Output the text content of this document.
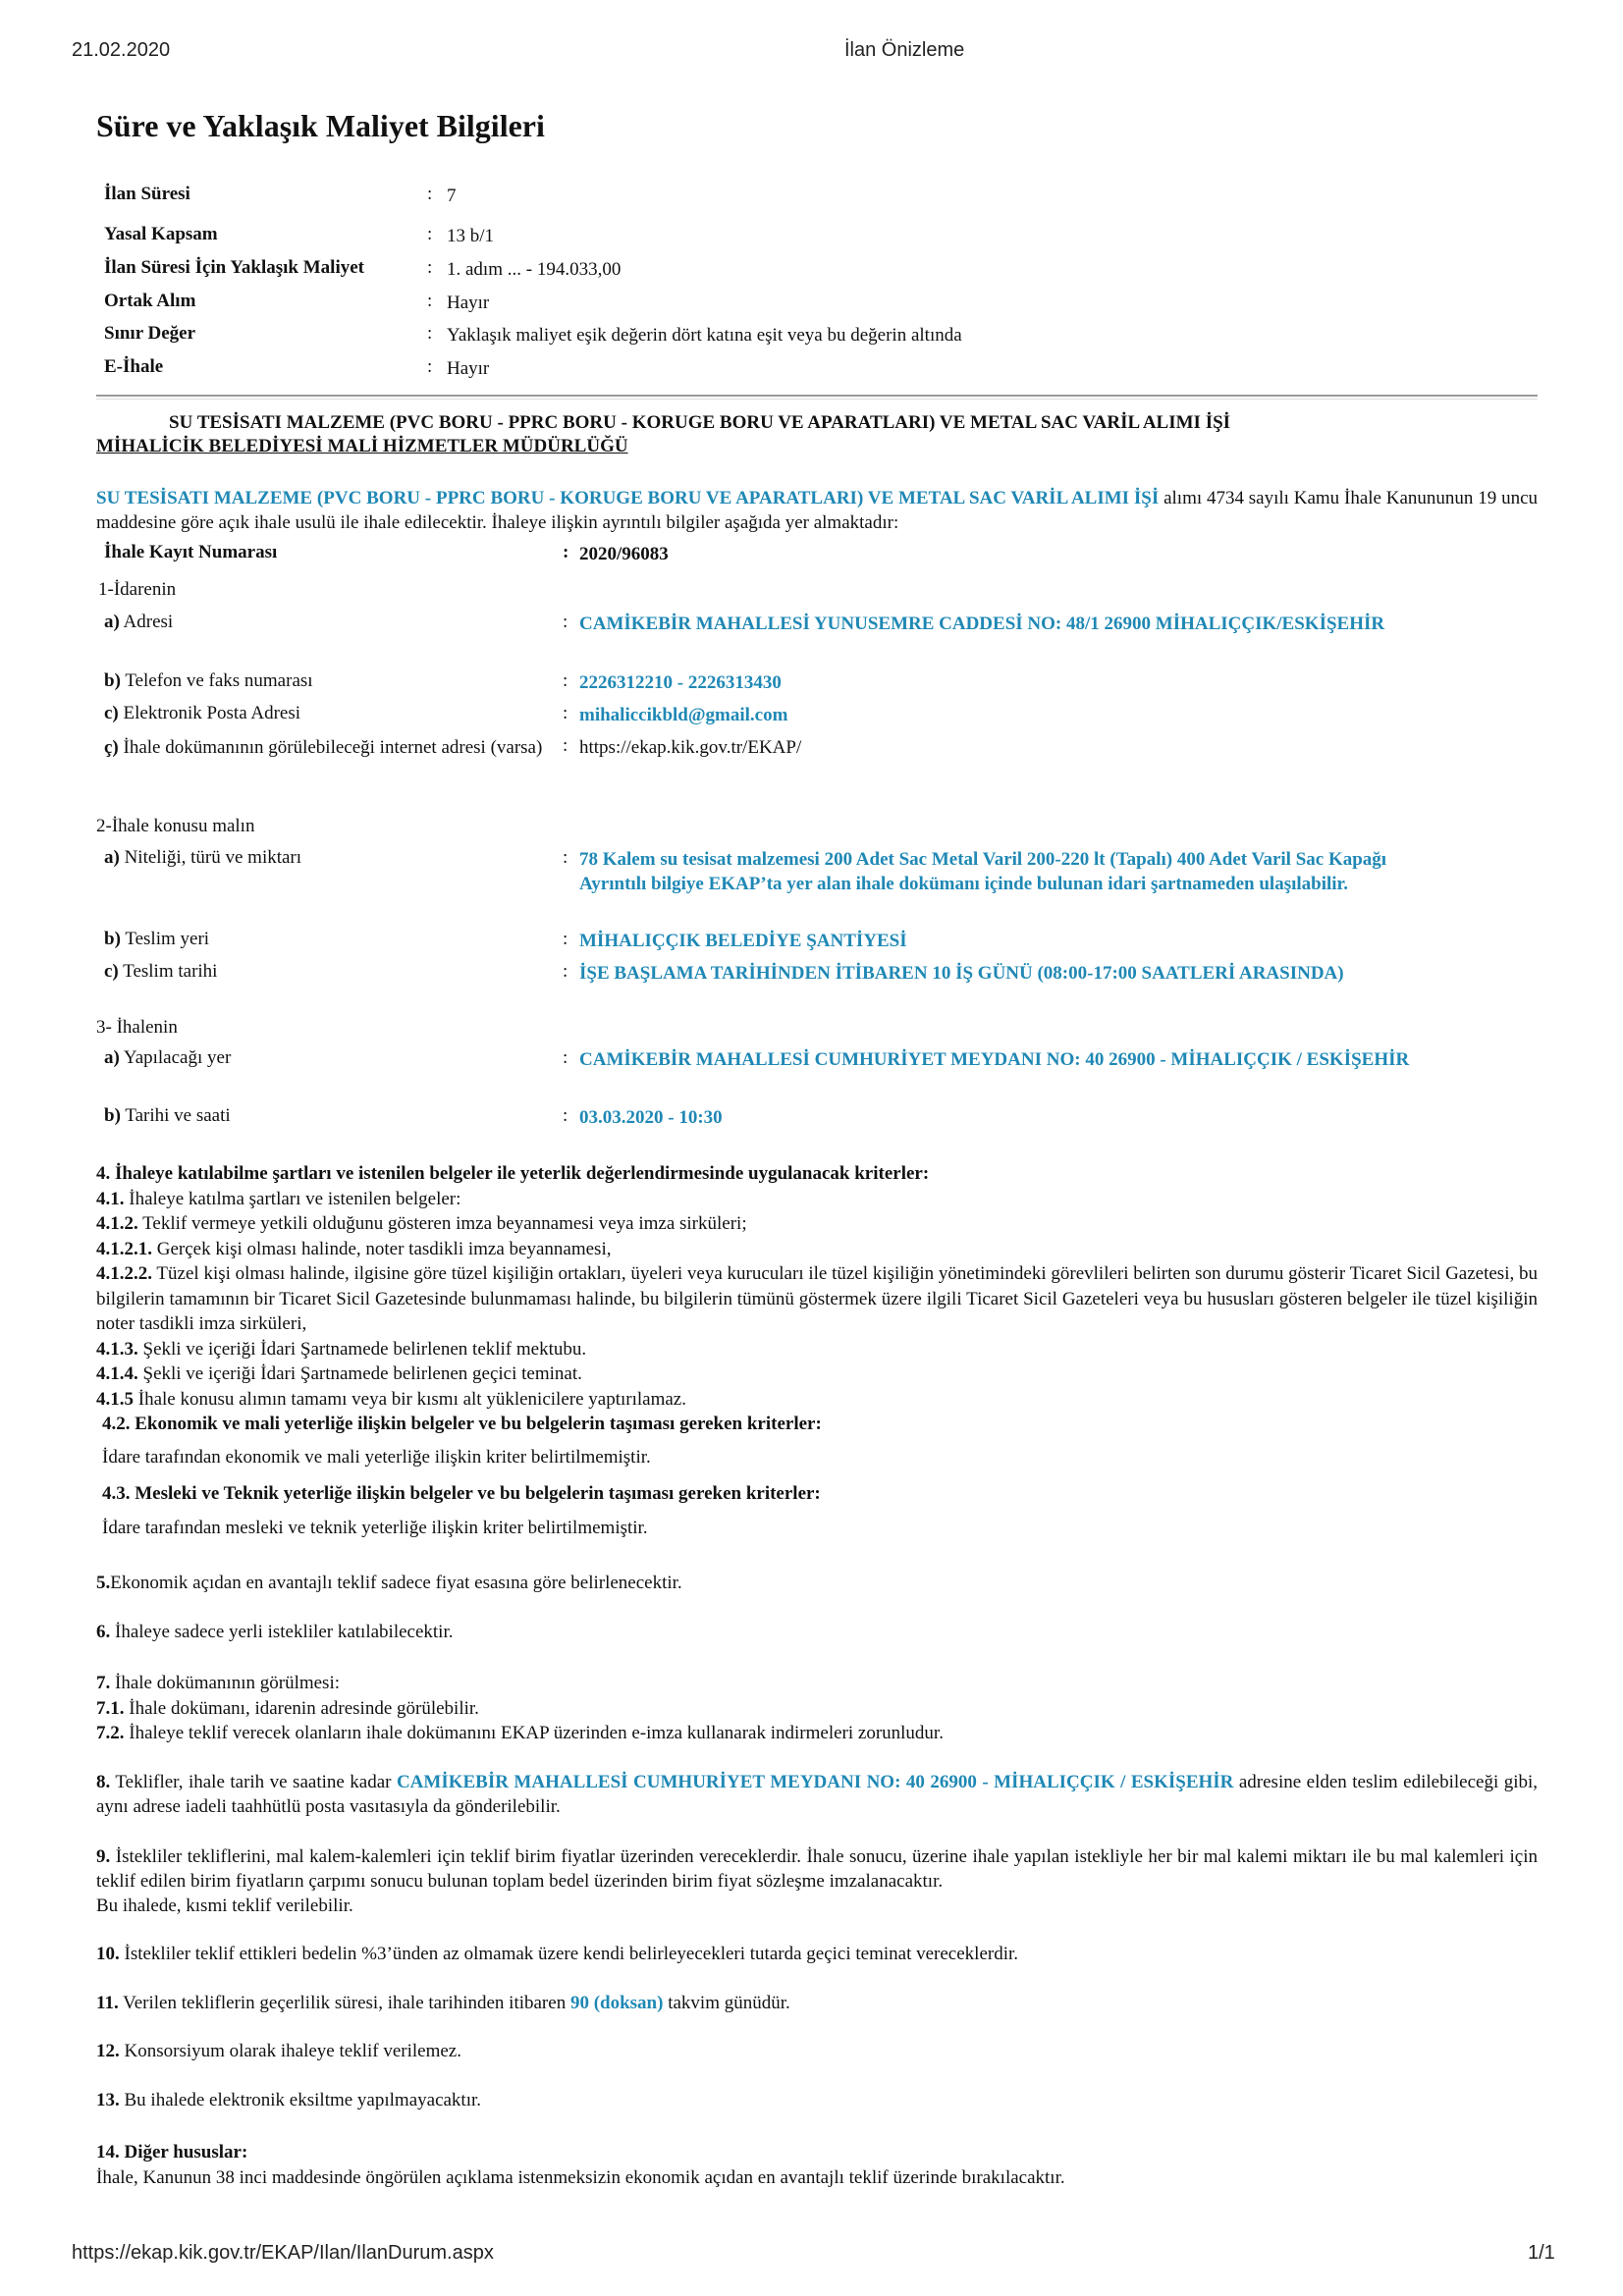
21.02.2020	İlan Önizleme
Süre ve Yaklaşık Maliyet Bilgileri
İlan Süresi	: 7
Yasal Kapsam	: 13 b/1
İlan Süresi İçin Yaklaşık Maliyet	: 1. adım ... - 194.033,00
Ortak Alım	: Hayır
Sınır Değer	: Yaklaşık maliyet eşik değerin dört katına eşit veya bu değerin altında
E-İhale	: Hayır
SU TESİSATI MALZEME (PVC BORU - PPRC BORU - KORUGE BORU VE APARATLARI) VE METAL SAC VARİL ALIMI İŞİ
MİHALİCİK BELEDİYESİ MALİ HİZMETLER MÜDÜRLÜĞÜ
SU TESİSATI MALZEME (PVC BORU - PPRC BORU - KORUGE BORU VE APARATLARI) VE METAL SAC VARİL ALIMI İŞİ alımı 4734 sayılı Kamu İhale Kanununun 19 uncu maddesine göre açık ihale usulü ile ihale edilecektir. İhaleye ilişkin ayrıntılı bilgiler aşağıda yer almaktadır:
İhale Kayıt Numarası	: 2020/96083
1-İdarenin
a) Adresi	: CAMİKEBİR MAHALLESİ YUNUSEMRE CADDESİ NO: 48/1 26900 MİHALIÇÇIK/ESKİŞEHİR
b) Telefon ve faks numarası	: 2226312210 - 2226313430
c) Elektronik Posta Adresi	: mihaliccikbld@gmail.com
ç) İhale dokümanının görülebileceği internet adresi (varsa)	: https://ekap.kik.gov.tr/EKAP/
2-İhale konusu malın
a) Niteliği, türü ve miktarı	: 78 Kalem su tesisat malzemesi 200 Adet Sac Metal Varil 200-220 lt (Tapalı) 400 Adet Varil Sac Kapağı
Ayrıntılı bilgiye EKAP’ta yer alan ihale dokümanı içinde bulunan idari şartnameden ulaşılabilir.
b) Teslim yeri	: MİHALIÇÇIK BELEDİYE ŞANTİYESİ
c) Teslim tarihi	: İŞE BAŞLAMA TARİHİNDEN İTİBAREN 10 İŞ GÜNÜ (08:00-17:00 SAATLERİ ARASINDA)
3- İhalenin
a) Yapılacağı yer	: CAMİKEBİR MAHALLESİ CUMHURİYET MEYDANI NO: 40 26900 - MİHALIÇÇIK / ESKİŞEHİR
b) Tarihi ve saati	: 03.03.2020 - 10:30
4. İhaleye katılabilme şartları ve istenilen belgeler ile yeterlik değerlendirmesinde uygulanacak kriterler:
4.1. İhaleye katılma şartları ve istenilen belgeler:
4.1.2. Teklif vermeye yetkili olduğunu gösteren imza beyannamesi veya imza sirküleri;
4.1.2.1. Gerçek kişi olması halinde, noter tasdikli imza beyannamesi,
4.1.2.2. Tüzel kişi olması halinde, ilgisine göre tüzel kişiliğin ortakları, üyeleri veya kurucuları ile tüzel kişiliğin yönetimindeki görevlileri belirten son durumu gösterir Ticaret Sicil Gazetesi, bu bilgilerin tamamının bir Ticaret Sicil Gazetesinde bulunmaması halinde, bu bilgilerin tümünü göstermek üzere ilgili Ticaret Sicil Gazeteleri veya bu hususları gösteren belgeler ile tüzel kişiliğin noter tasdikli imza sirküleri,
4.1.3. Şekli ve içeriği İdari Şartnamede belirlenen teklif mektubu.
4.1.4. Şekli ve içeriği İdari Şartnamede belirlenen geçici teminat.
4.1.5 İhale konusu alımın tamamı veya bir kısmı alt yüklenicilere yaptırılamaz.
4.2. Ekonomik ve mali yeterliğe ilişkin belgeler ve bu belgelerin taşıması gereken kriterler:
İdare tarafından ekonomik ve mali yeterliğe ilişkin kriter belirtilmemiştir.
4.3. Mesleki ve Teknik yeterliğe ilişkin belgeler ve bu belgelerin taşıması gereken kriterler:
İdare tarafından mesleki ve teknik yeterliğe ilişkin kriter belirtilmemiştir.
5.Ekonomik açıdan en avantajlı teklif sadece fiyat esasına göre belirlenecektir.
6. İhaleye sadece yerli istekliler katılabilecektir.
7. İhale dokümanının görülmesi:
7.1. İhale dokümanı, idarenin adresinde görülebilir.
7.2. İhaleye teklif verecek olanların ihale dokümanını EKAP üzerinden e-imza kullanarak indirmeleri zorunludur.

8. Teklifler, ihale tarih ve saatine kadar CAMİKEBİR MAHALLESİ CUMHURİYET MEYDANI NO: 40 26900 - MİHALIÇÇIK / ESKİŞEHİR adresine elden teslim edilebileceği gibi, aynı adrese iadeli taahhütlü posta vasıtasıyla da gönderilebilir.

9. İstekliler tekliflerini, mal kalem-kalemleri için teklif birim fiyatlar üzerinden vereceklerdir. İhale sonucu, üzerine ihale yapılan istekliyle her bir mal kalemi miktarı ile bu mal kalemleri için teklif edilen birim fiyatların çarpımı sonucu bulunan toplam bedel üzerinden birim fiyat sözleşme imzalanacaktır.

Bu ihalede, kısmi teklif verilebilir.

10. İstekliler teklif ettikleri bedelin %3’ünden az olmamak üzere kendi belirleyecekleri tutarda geçici teminat vereceklerdir.
11. Verilen tekliflerin geçerlilik süresi, ihale tarihinden itibaren 90 (doksan) takvim günüdür.
12. Konsorsiyum olarak ihaleye teklif verilemez.
13. Bu ihalede elektronik eksiltme yapılmayacaktır.
14. Diğer hususlar:
İhale, Kanunun 38 inci maddesinde öngörülen açıklama istenmeksizin ekonomik açıdan en avantajlı teklif üzerinde bırakılacaktır.
https://ekap.kik.gov.tr/EKAP/Ilan/IlanDurum.aspx	1/1
